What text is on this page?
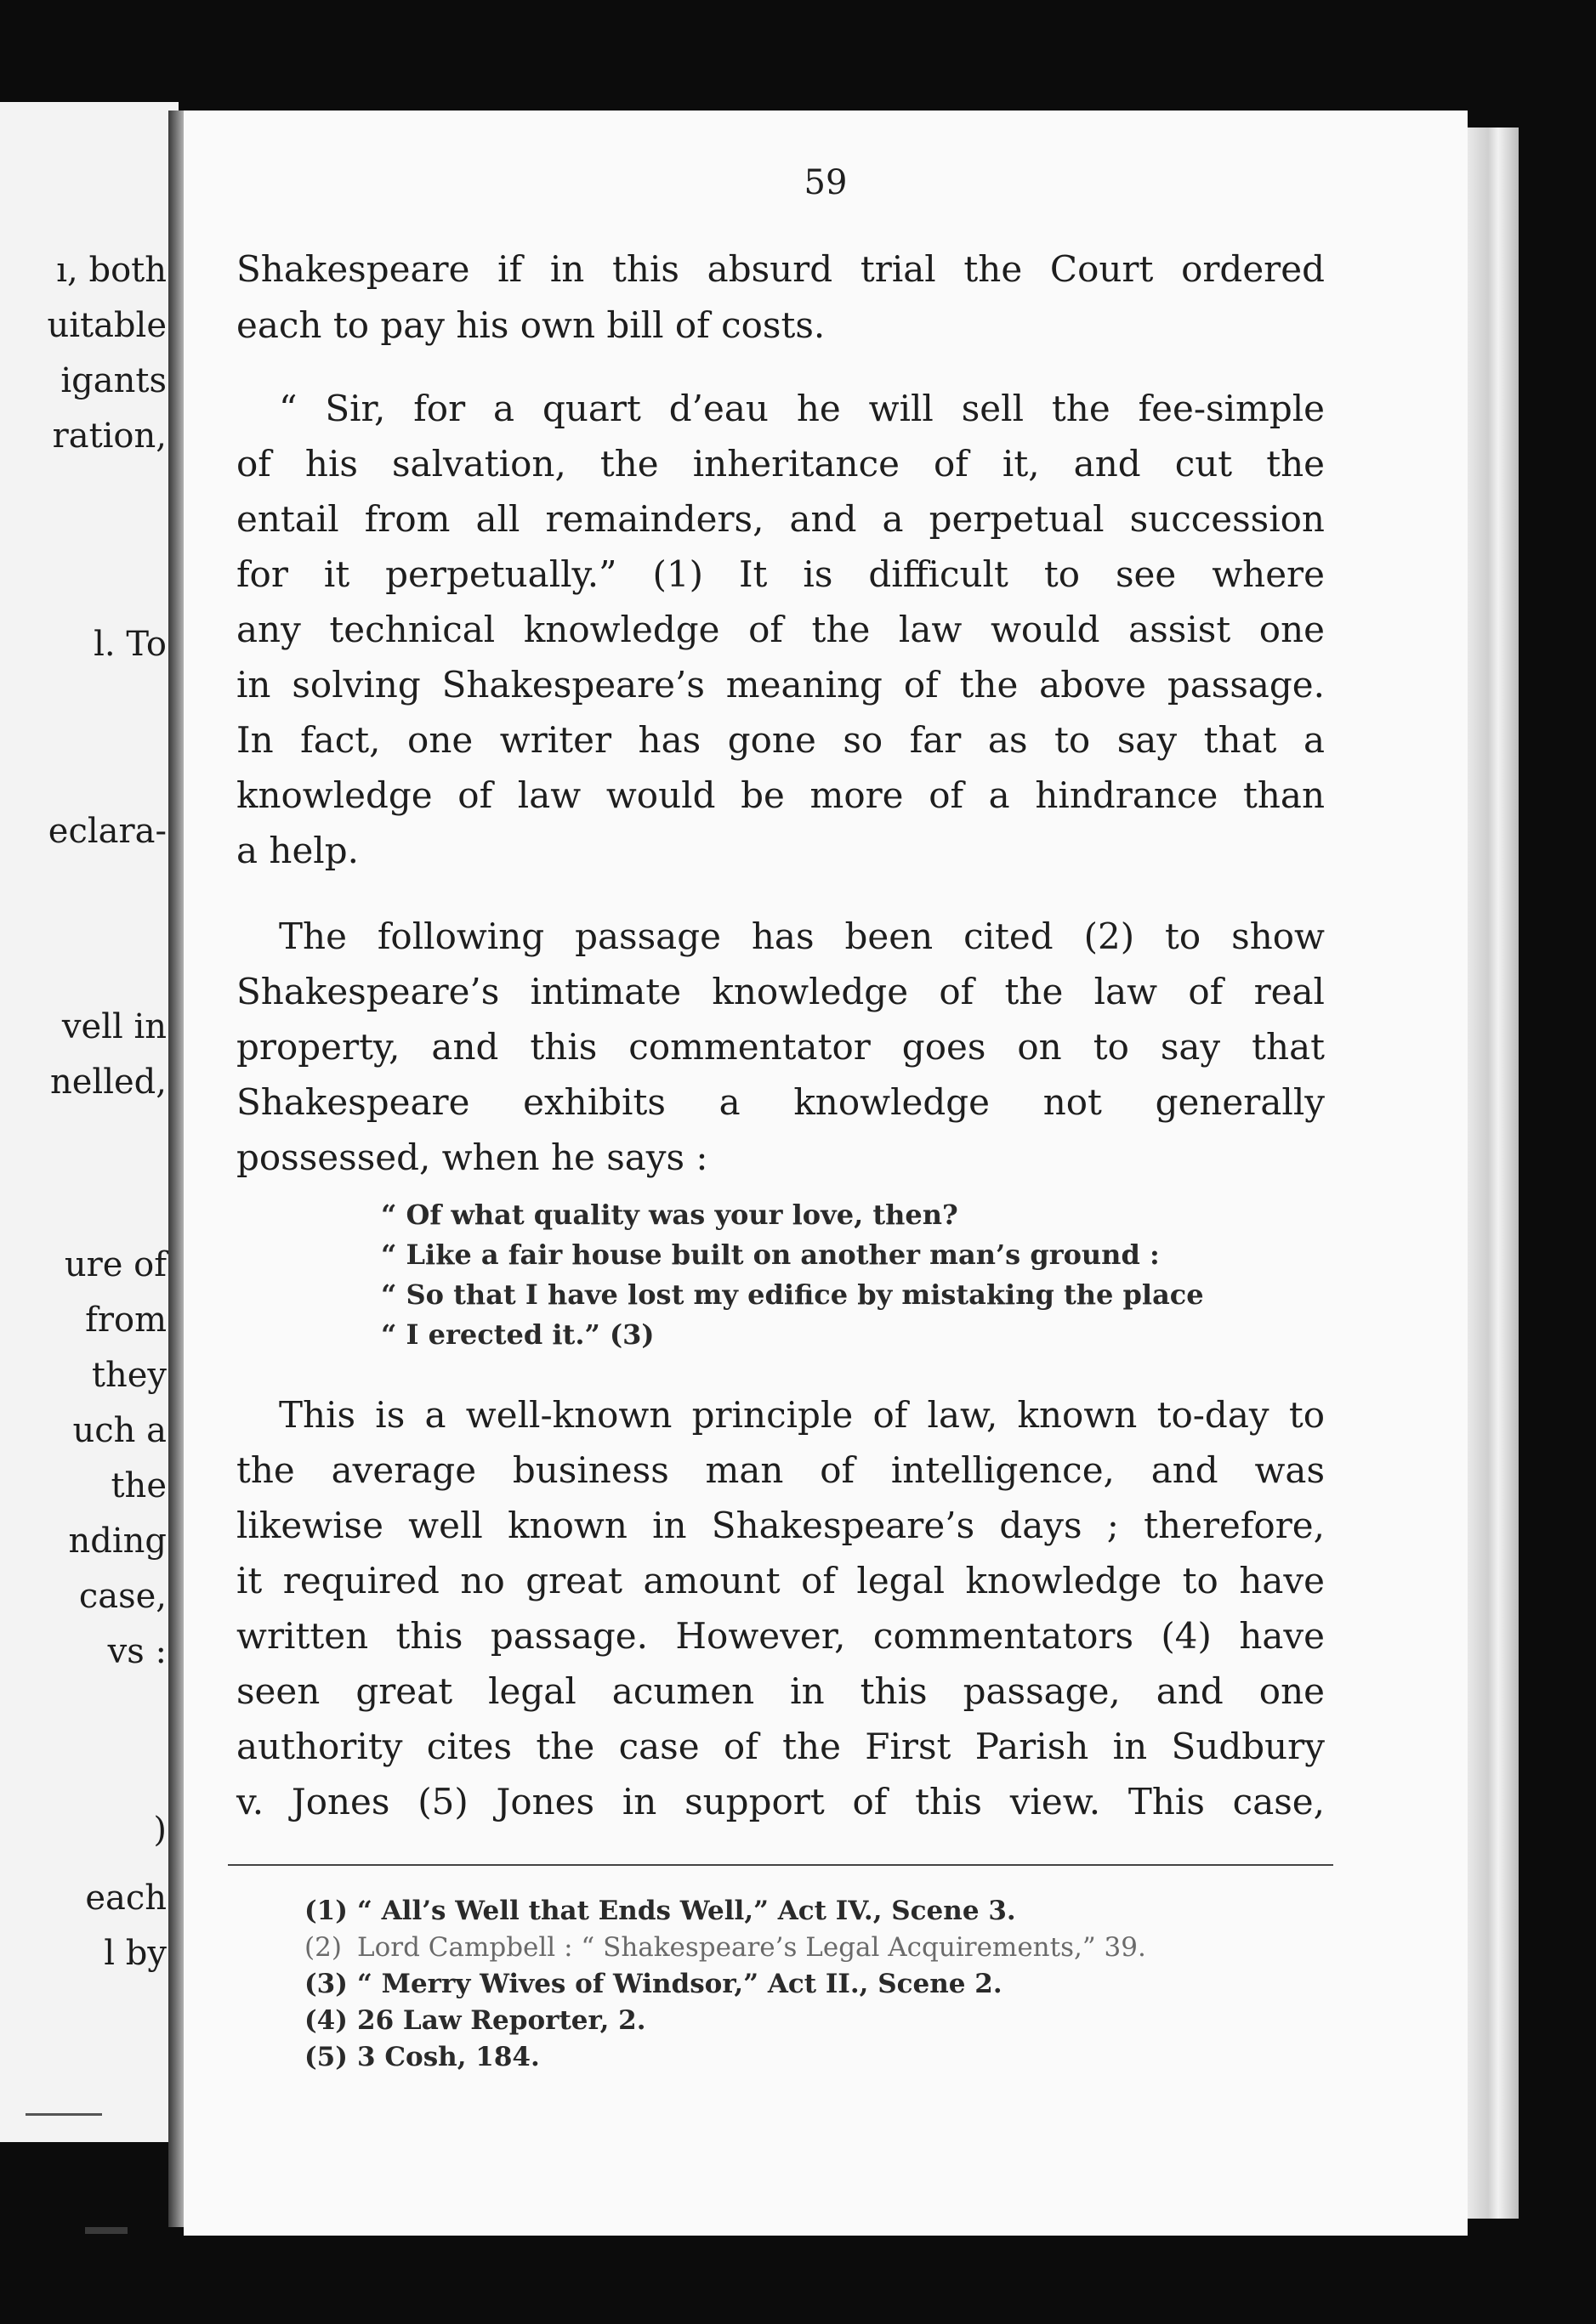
ı, both
uitable
igants
ration,
l. To
eclara-
vell in
nelled,
ure of
from
they
uch a
the
nding
case,
vs :
)
each
l by
59
Shakespeare if in this absurd trial the Court ordered
each to pay his own bill of costs.
“ Sir, for a quart d’eau he will sell the fee-simple
of his salvation, the inheritance of it, and cut the
entail from all remainders, and a perpetual succession
for it perpetually.” (1) It is difficult to see where
any technical knowledge of the law would assist one
in solving Shakespeare’s meaning of the above passage.
In fact, one writer has gone so far as to say that a
knowledge of law would be more of a hindrance than
a help.
The following passage has been cited (2) to show
Shakespeare’s intimate knowledge of the law of real
property, and this commentator goes on to say that
Shakespeare exhibits a knowledge not generally
possessed, when he says :
“ Of what quality was your love, then?
“ Like a fair house built on another man’s ground :
“ So that I have lost my edifice by mistaking the place
“ I erected it.” (3)
This is a well-known principle of law, known to-day to
the average business man of intelligence, and was
likewise well known in Shakespeare’s days ; therefore,
it required no great amount of legal knowledge to have
written this passage. However, commentators (4) have
seen great legal acumen in this passage, and one
authority cites the case of the First Parish in Sudbury
v. Jones (5) Jones in support of this view. This case,
(1) “ All’s Well that Ends Well,” Act IV., Scene 3.
(2) Lord Campbell : “ Shakespeare’s Legal Acquirements,” 39.
(3) “ Merry Wives of Windsor,” Act II., Scene 2.
(4) 26 Law Reporter, 2.
(5) 3 Cosh, 184.
